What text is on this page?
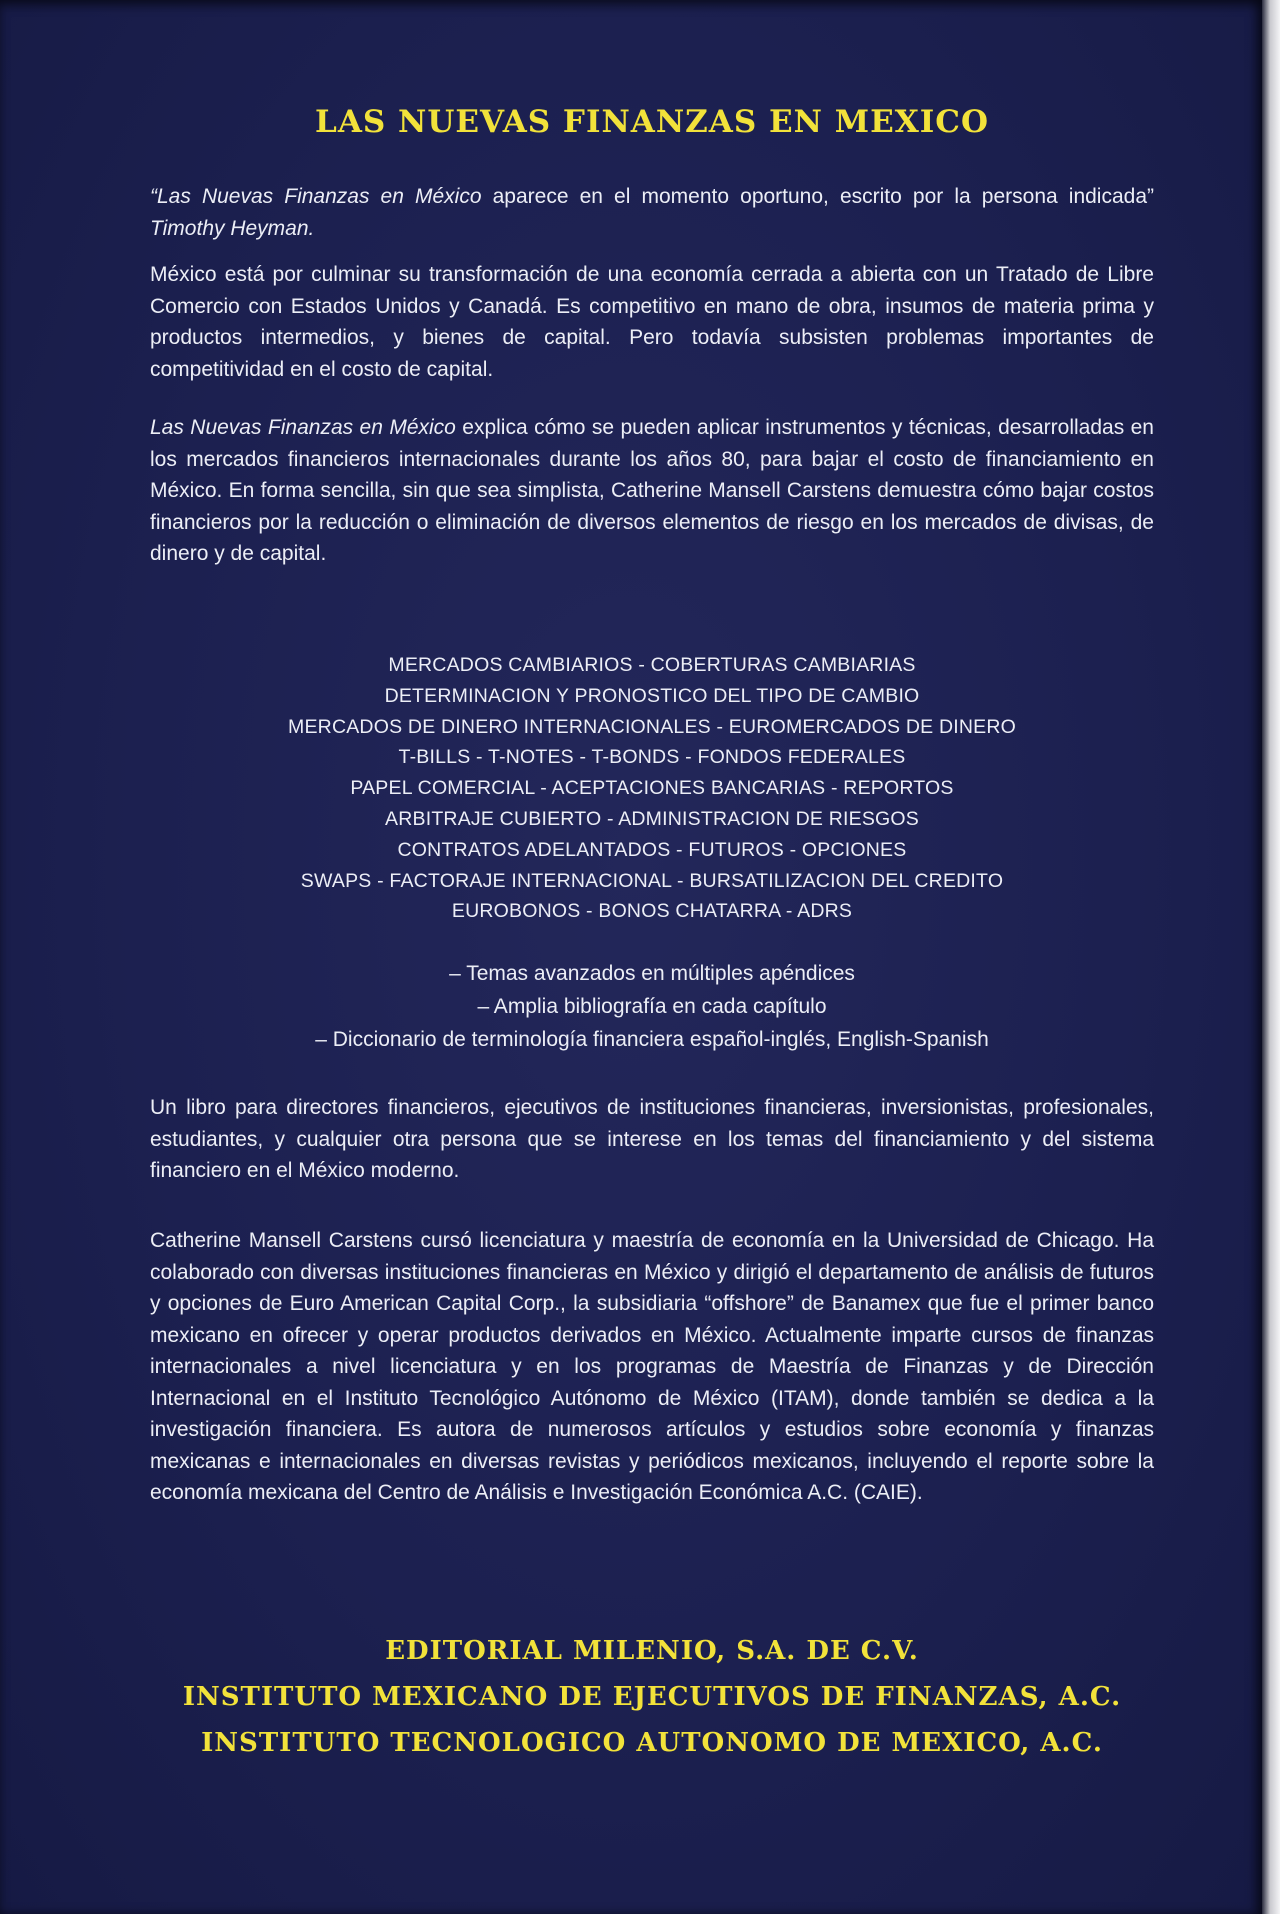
LAS NUEVAS FINANZAS EN MEXICO

“Las Nuevas Finanzas en México aparece en el momento oportuno, escrito por la persona indicada” Timothy Heyman.

México está por culminar su transformación de una economía cerrada a abierta con un Tratado de Libre Comercio con Estados Unidos y Canadá. Es competitivo en mano de obra, insumos de materia prima y productos intermedios, y bienes de capital. Pero todavía subsisten problemas importantes de competitividad en el costo de capital.

Las Nuevas Finanzas en México explica cómo se pueden aplicar instrumentos y técnicas, desarrolladas en los mercados financieros internacionales durante los años 80, para bajar el costo de financiamiento en México. En forma sencilla, sin que sea simplista, Catherine Mansell Carstens demuestra cómo bajar costos financieros por la reducción o eliminación de diversos elementos de riesgo en los mercados de divisas, de dinero y de capital.

MERCADOS CAMBIARIOS - COBERTURAS CAMBIARIAS
DETERMINACION Y PRONOSTICO DEL TIPO DE CAMBIO
MERCADOS DE DINERO INTERNACIONALES - EUROMERCADOS DE DINERO
T-BILLS - T-NOTES - T-BONDS - FONDOS FEDERALES
PAPEL COMERCIAL - ACEPTACIONES BANCARIAS - REPORTOS
ARBITRAJE CUBIERTO - ADMINISTRACION DE RIESGOS
CONTRATOS ADELANTADOS - FUTUROS - OPCIONES
SWAPS - FACTORAJE INTERNACIONAL - BURSATILIZACION DEL CREDITO
EUROBONOS - BONOS CHATARRA - ADRS
– Temas avanzados en múltiples apéndices
– Amplia bibliografía en cada capítulo
– Diccionario de terminología financiera español-inglés, English-Spanish

Un libro para directores financieros, ejecutivos de instituciones financieras, inversionistas, profesionales, estudiantes, y cualquier otra persona que se interese en los temas del financiamiento y del sistema financiero en el México moderno.

Catherine Mansell Carstens cursó licenciatura y maestría de economía en la Universidad de Chicago. Ha colaborado con diversas instituciones financieras en México y dirigió el departamento de análisis de futuros y opciones de Euro American Capital Corp., la subsidiaria “offshore” de Banamex que fue el primer banco mexicano en ofrecer y operar productos derivados en México. Actualmente imparte cursos de finanzas internacionales a nivel licenciatura y en los programas de Maestría de Finanzas y de Dirección Internacional en el Instituto Tecnológico Autónomo de México (ITAM), donde también se dedica a la investigación financiera. Es autora de numerosos artículos y estudios sobre economía y finanzas mexicanas e internacionales en diversas revistas y periódicos mexicanos, incluyendo el reporte sobre la economía mexicana del Centro de Análisis e Investigación Económica A.C. (CAIE).

EDITORIAL MILENIO, S.A. DE C.V.
INSTITUTO MEXICANO DE EJECUTIVOS DE FINANZAS, A.C.
INSTITUTO TECNOLOGICO AUTONOMO DE MEXICO, A.C.
